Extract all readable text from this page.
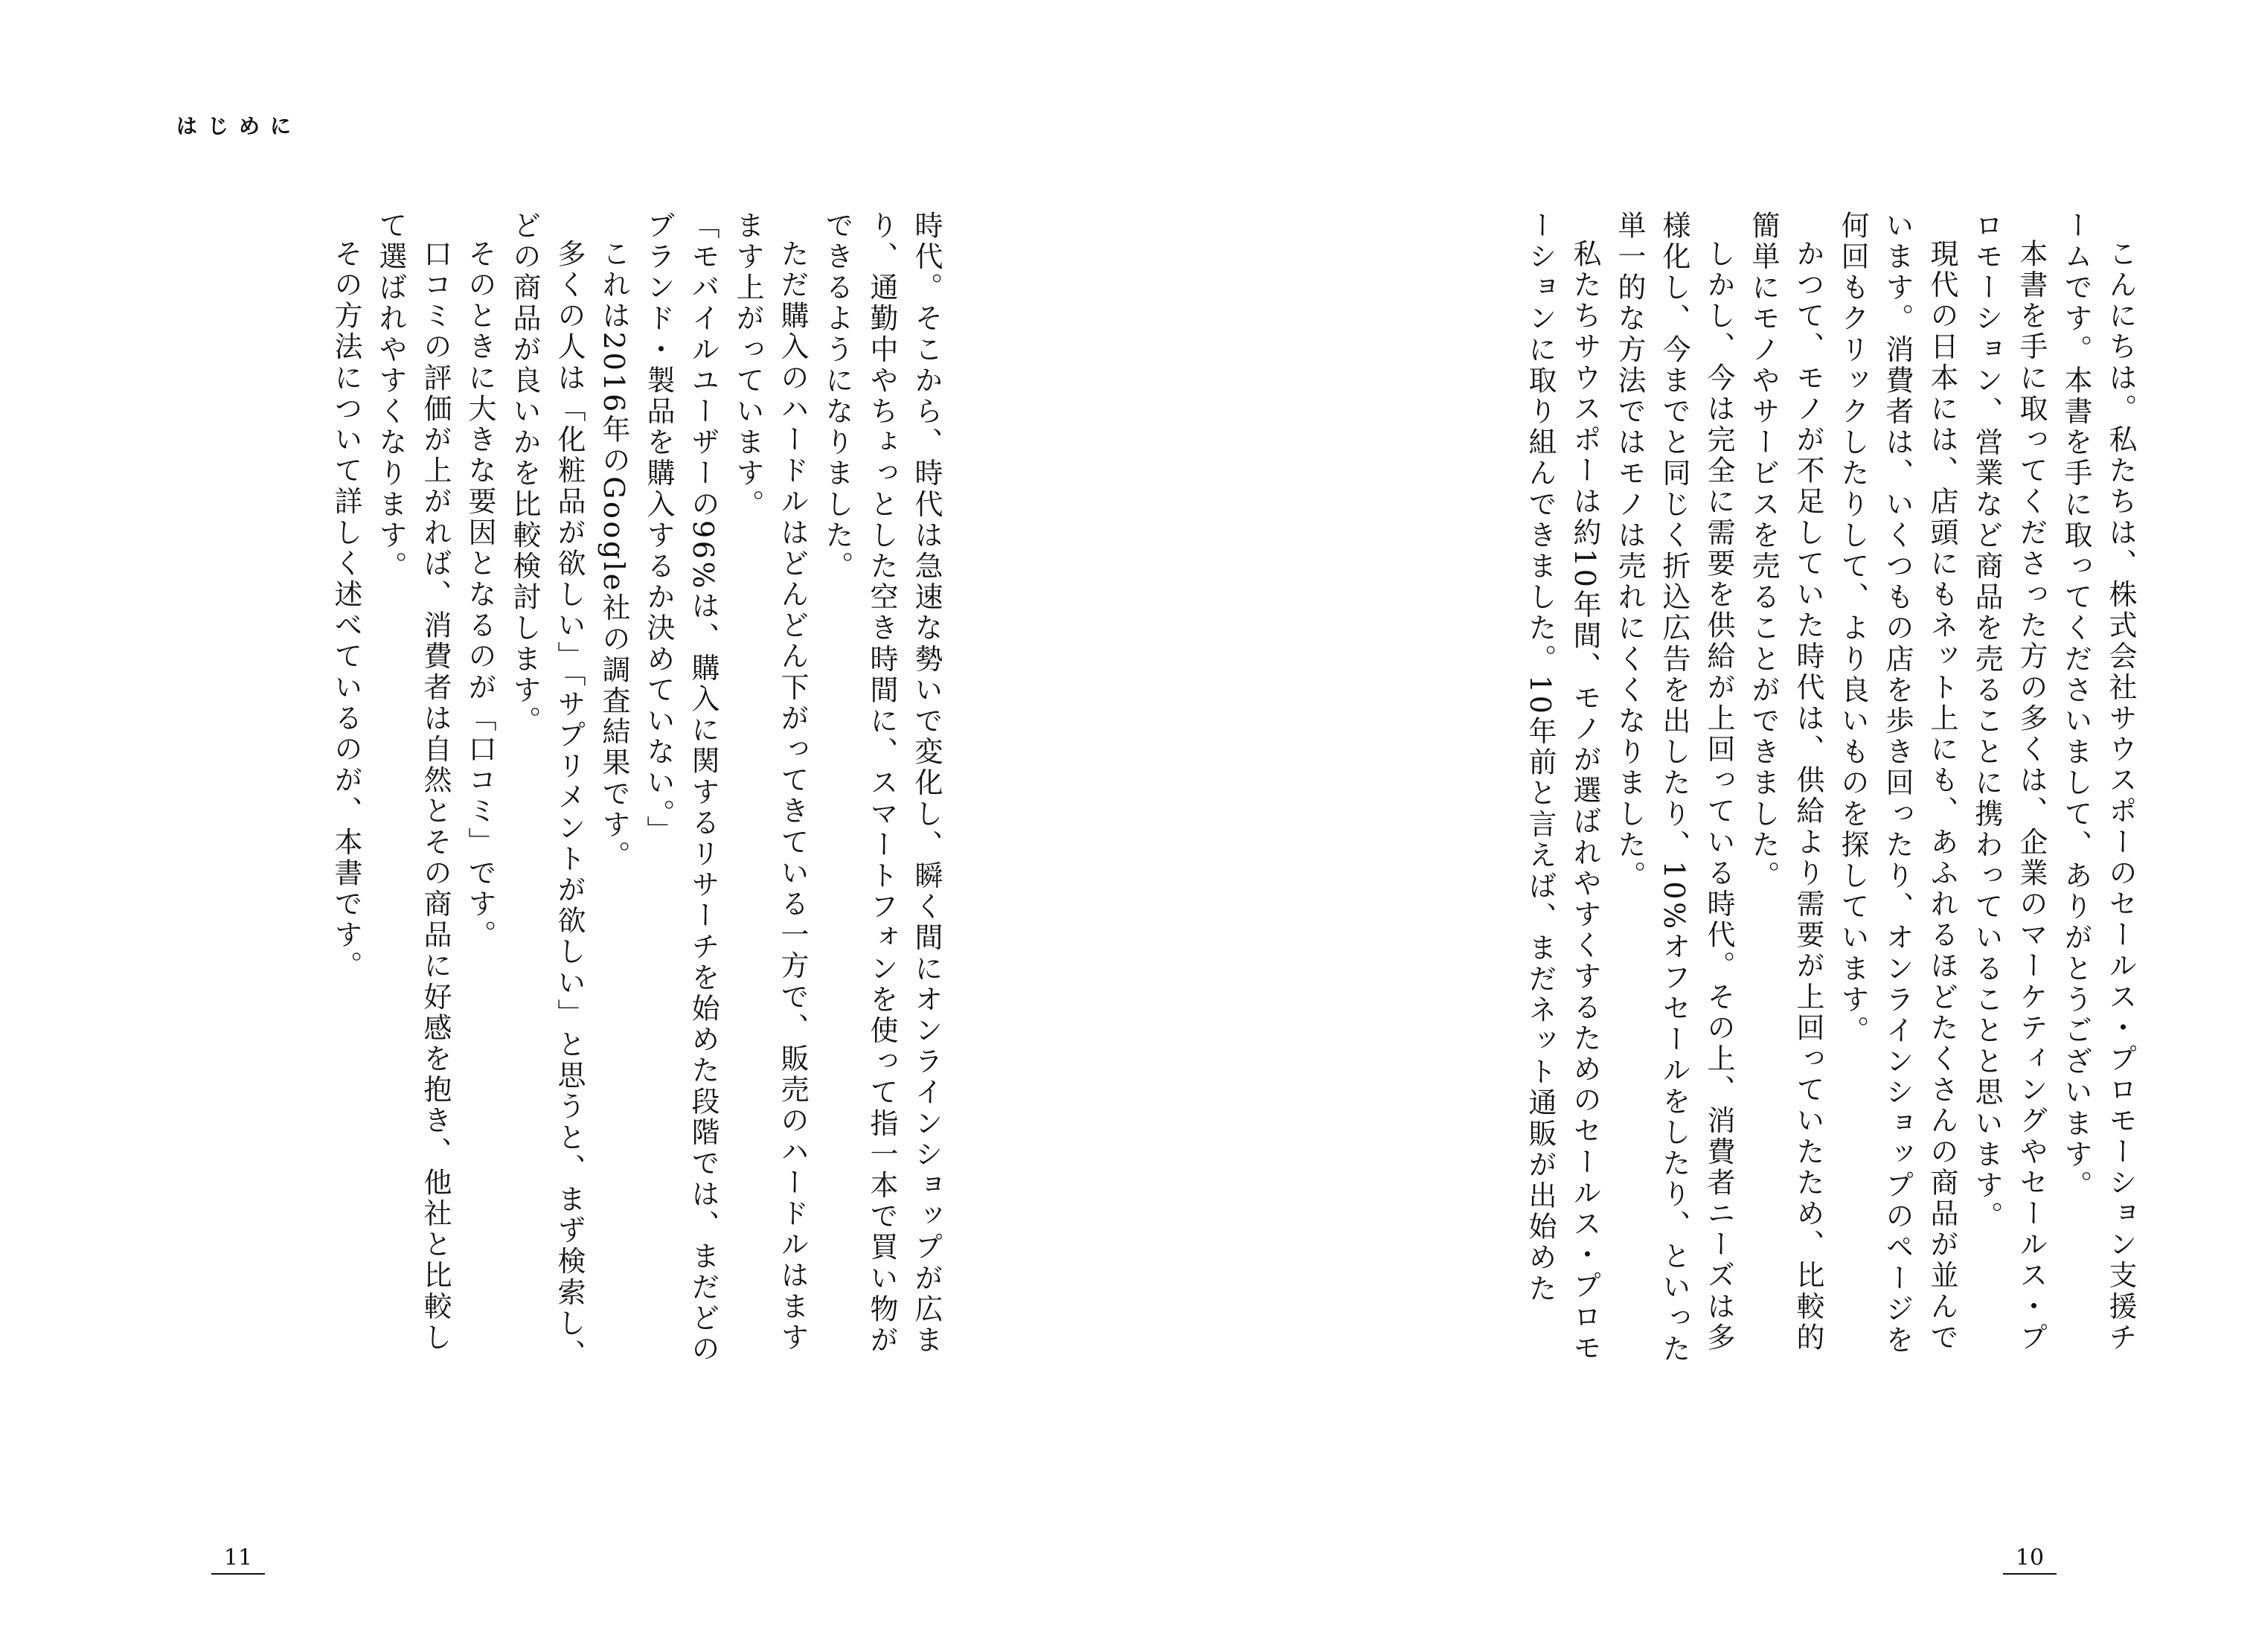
はじめに

時代。そこから、時代は急速な勢いで変化し、瞬く間にオンラインショップが広まり、通勤中やちょっとした空き時間に、スマートフォンを使って指一本で買い物ができるようになりました。

ただ購入のハードルはどんどん下がってきている一方で、販売のハードルはますます上がっています。

「モバイルユーザーの96%は、購入に関するリサーチを始めた段階では、まだどのブランド・製品を購入するか決めていない。」

これは2016年のGoogle社の調査結果です。

多くの人は「化粧品が欲しい」「サプリメントが欲しい」と思うと、まず検索し、どの商品が良いかを比較検討します。

そのときに大きな要因となるのが「口コミ」です。

口コミの評価が上がれば、消費者は自然とその商品に好感を抱き、他社と比較して選ばれやすくなります。

その方法について詳しく述べているのが、本書です。

11

こんにちは。私たちは、株式会社サウスポーのセールス・プロモーション支援チームです。本書を手に取ってくださいまして、ありがとうございます。

本書を手に取ってくださった方の多くは、企業のマーケティングやセールス・プロモーション、営業など商品を売ることに携わっていることと思います。

現代の日本には、店頭にもネット上にも、あふれるほどたくさんの商品が並んでいます。消費者は、いくつもの店を歩き回ったり、オンラインショップのページを何回もクリックしたりして、より良いものを探しています。

かつて、モノが不足していた時代は、供給より需要が上回っていたため、比較的簡単にモノやサービスを売ることができました。

しかし、今は完全に需要を供給が上回っている時代。その上、消費者ニーズは多様化し、今までと同じく折込広告を出したり、10%オフセールをしたり、といった単一的な方法ではモノは売れにくくなりました。

私たちサウスポーは約10年間、モノが選ばれやすくするためのセールス・プロモーションに取り組んできました。10年前と言えば、まだネット通販が出始めた

10
